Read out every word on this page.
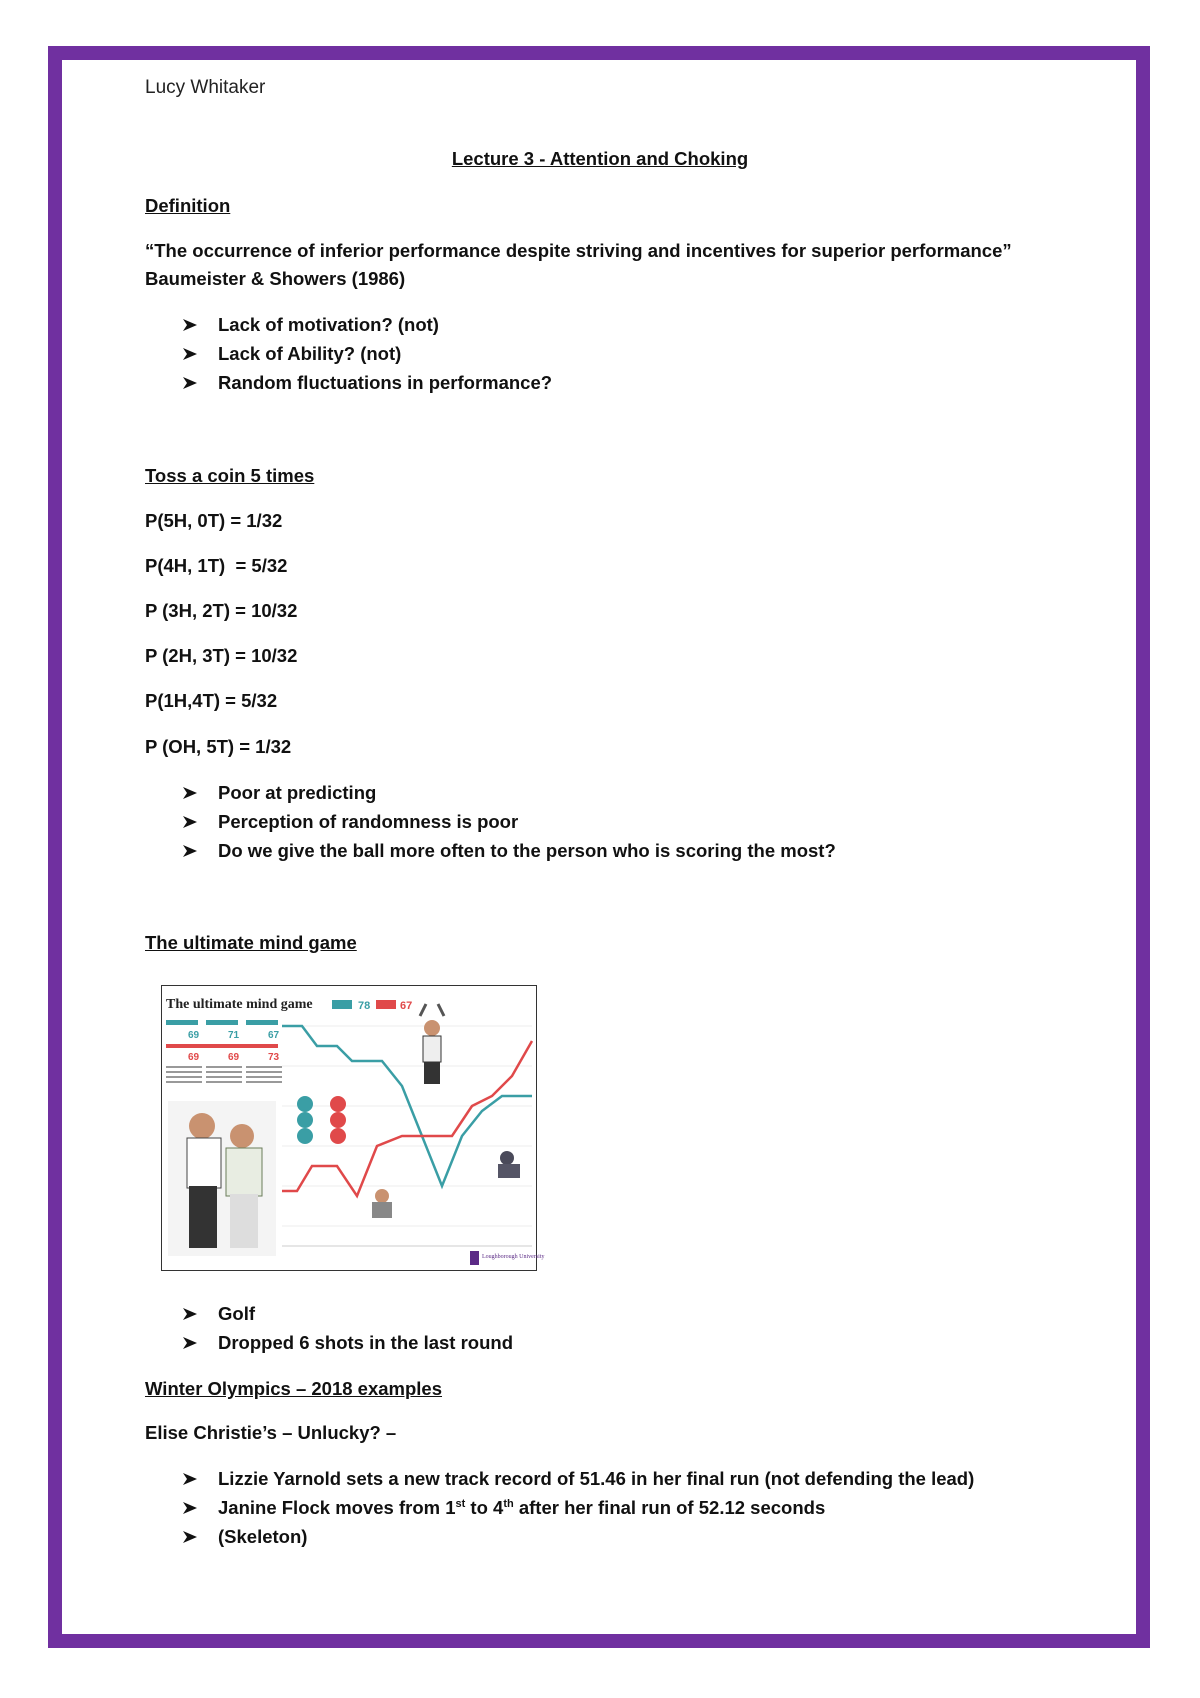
Lucy Whitaker
Lecture 3 - Attention and Choking
Definition
“The occurrence of inferior performance despite striving and incentives for superior performance”
Baumeister & Showers (1986)
Lack of motivation? (not)
Lack of Ability? (not)
Random fluctuations in performance?
Toss a coin 5 times
P(5H, 0T) = 1/32
P(4H, 1T)  = 5/32
P (3H, 2T) = 10/32
P (2H, 3T) = 10/32
P(1H,4T) = 5/32
P (OH, 5T) = 1/32
Poor at predicting
Perception of randomness is poor
Do we give the ball more often to the person who is scoring the most?
The ultimate mind game
The ultimate mind game
69	71	67
69	69	73
78	67
Loughborough University
Golf
Dropped 6 shots in the last round
Winter Olympics – 2018 examples
Elise Christie’s – Unlucky? –
Lizzie Yarnold sets a new track record of 51.46 in her final run (not defending the lead)
Janine Flock moves from 1st to 4th after her final run of 52.12 seconds
(Skeleton)
